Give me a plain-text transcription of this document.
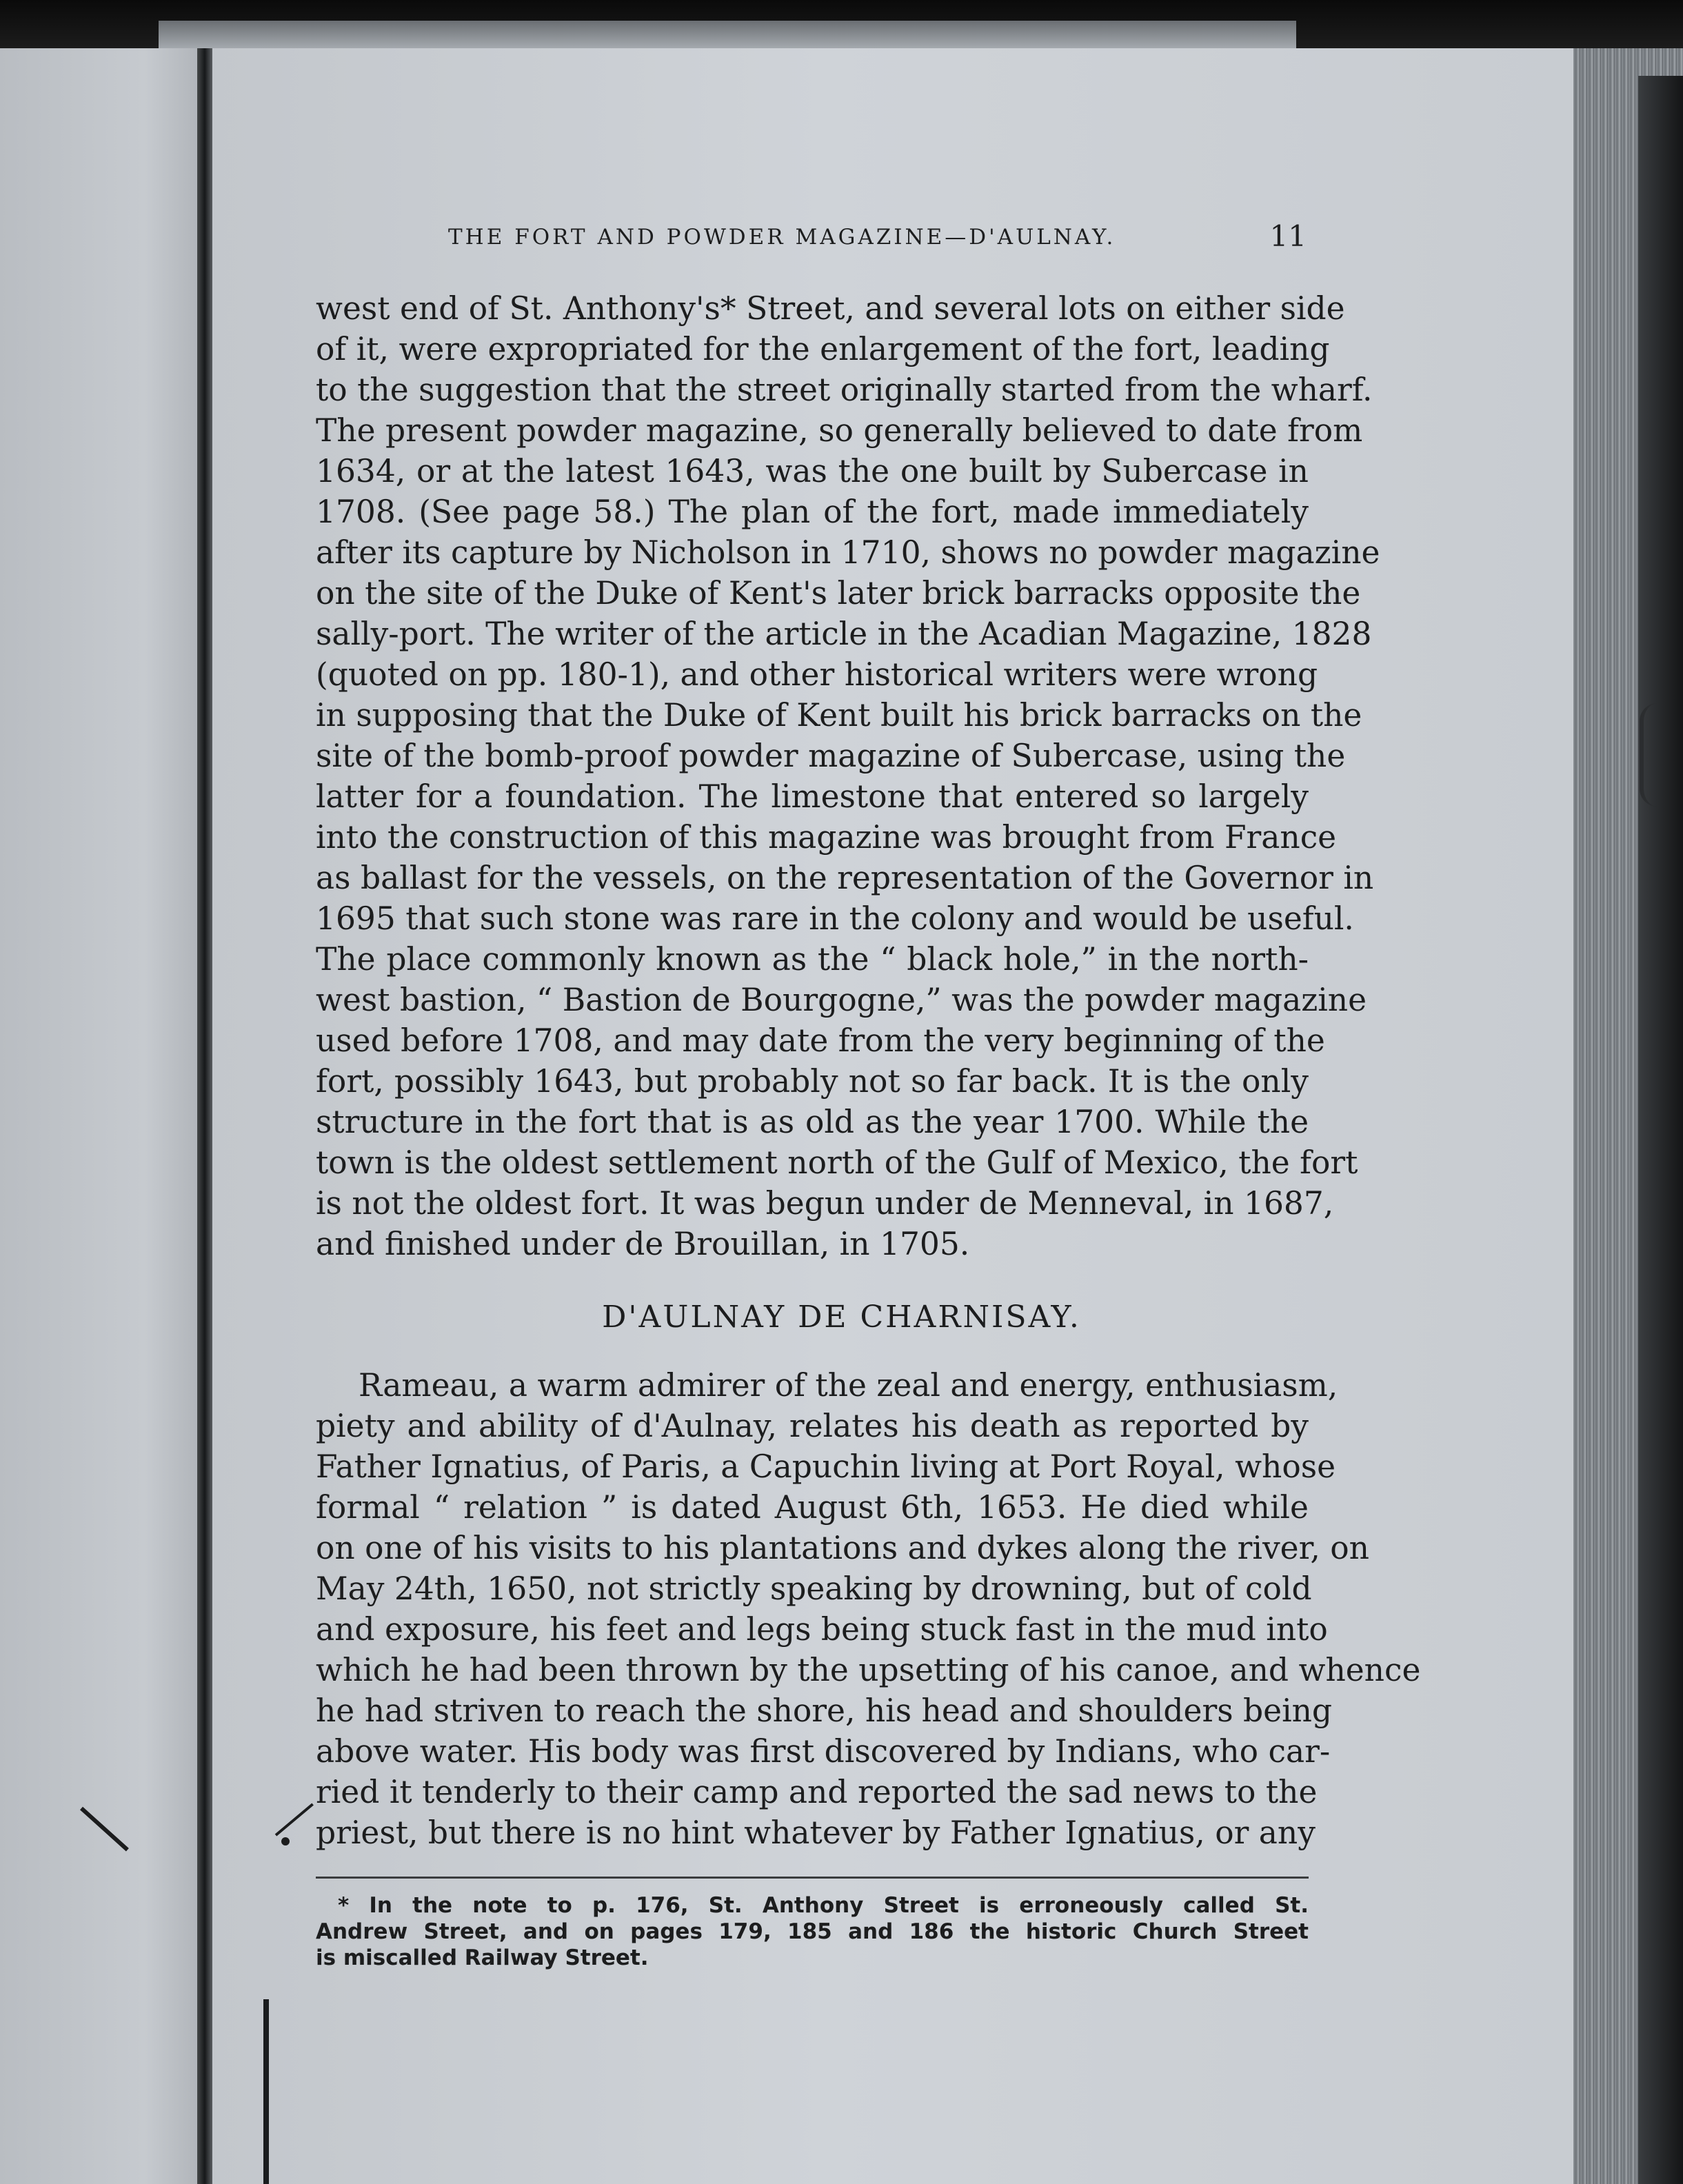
THE FORT AND POWDER MAGAZINE—D'AULNAY.	11
west end of St. Anthony's* Street, and several lots on either side
of it, were expropriated for the enlargement of the fort, leading
to the suggestion that the street originally started from the wharf.
The present powder magazine, so generally believed to date from
1634, or at the latest 1643, was the one built by Subercase in
1708. (See page 58.) The plan of the fort, made immediately
after its capture by Nicholson in 1710, shows no powder magazine
on the site of the Duke of Kent's later brick barracks opposite the
sally-port. The writer of the article in the Acadian Magazine, 1828
(quoted on pp. 180-1), and other historical writers were wrong
in supposing that the Duke of Kent built his brick barracks on the
site of the bomb-proof powder magazine of Subercase, using the
latter for a foundation. The limestone that entered so largely
into the construction of this magazine was brought from France
as ballast for the vessels, on the representation of the Governor in
1695 that such stone was rare in the colony and would be useful.
The place commonly known as the “ black hole,” in the north-
west bastion, “ Bastion de Bourgogne,” was the powder magazine
used before 1708, and may date from the very beginning of the
fort, possibly 1643, but probably not so far back. It is the only
structure in the fort that is as old as the year 1700. While the
town is the oldest settlement north of the Gulf of Mexico, the fort
is not the oldest fort. It was begun under de Menneval, in 1687,
and finished under de Brouillan, in 1705.
D'AULNAY DE CHARNISAY.
Rameau, a warm admirer of the zeal and energy, enthusiasm,
piety and ability of d'Aulnay, relates his death as reported by
Father Ignatius, of Paris, a Capuchin living at Port Royal, whose
formal “ relation ” is dated August 6th, 1653. He died while
on one of his visits to his plantations and dykes along the river, on
May 24th, 1650, not strictly speaking by drowning, but of cold
and exposure, his feet and legs being stuck fast in the mud into
which he had been thrown by the upsetting of his canoe, and whence
he had striven to reach the shore, his head and shoulders being
above water. His body was first discovered by Indians, who car-
ried it tenderly to their camp and reported the sad news to the
priest, but there is no hint whatever by Father Ignatius, or any
* In the note to p. 176, St. Anthony Street is erroneously called St.
Andrew Street, and on pages 179, 185 and 186 the historic Church Street
is miscalled Railway Street.
